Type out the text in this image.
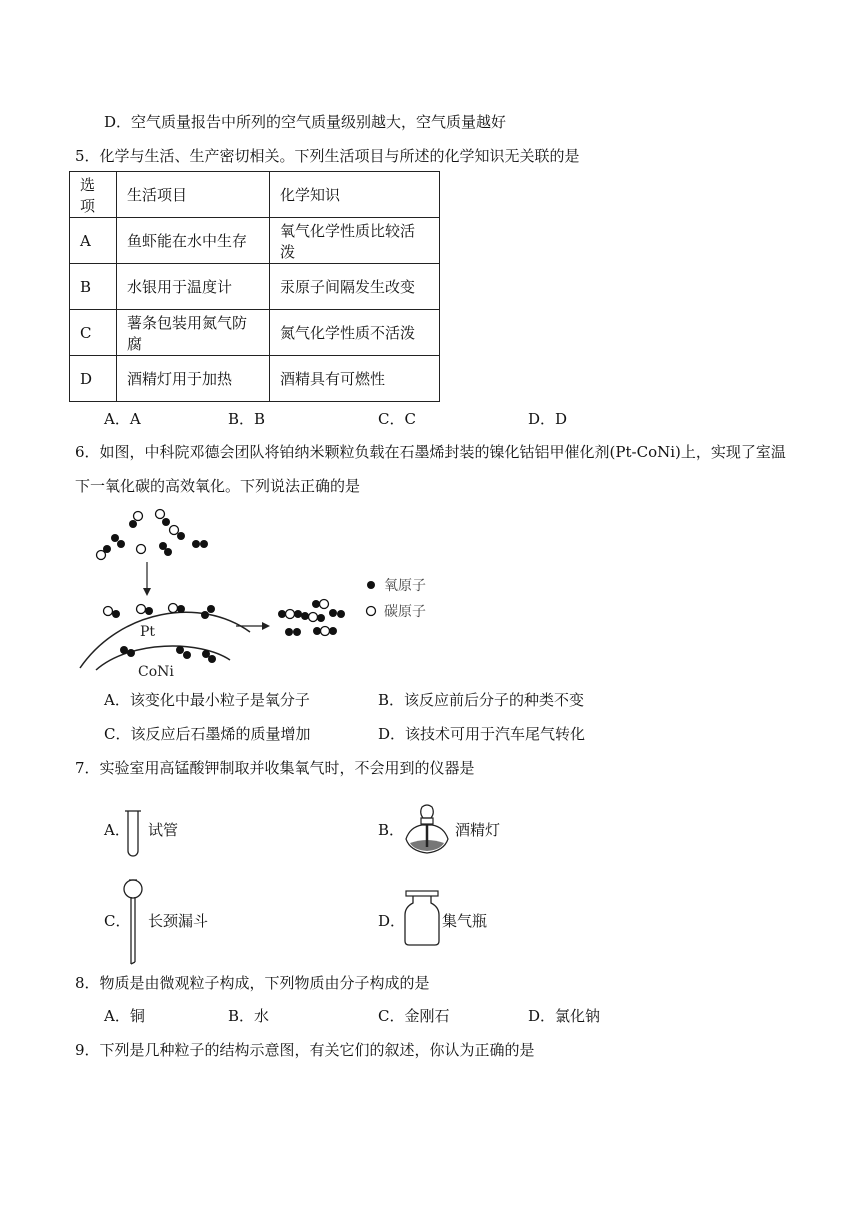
D．空气质量报告中所列的空气质量级别越大，空气质量越好
5．化学与生活、生产密切相关。下列生活项目与所述的化学知识无关联的是
选项	生活项目	化学知识
A	鱼虾能在水中生存	氧气化学性质比较活泼
B	水银用于温度计	汞原子间隔发生改变
C	薯条包装用氮气防腐	氮气化学性质不活泼
D	酒精灯用于加热	酒精具有可燃性
A．A	B．B	C．C	D．D
6．如图，中科院邓德会团队将铂纳米颗粒负载在石墨烯封装的镍化钴铝甲催化剂(Pt-CoNi)上，实现了室温
下一氧化碳的高效氧化。下列说法正确的是
Pt
CoNi
氧原子
碳原子
A．该变化中最小粒子是氧分子	B．该反应前后分子的种类不变
C．该反应后石墨烯的质量增加	D．该技术可用于汽车尾气转化
7．实验室用高锰酸钾制取并收集氧气时，不会用到的仪器是
A． 试管	B．	酒精灯
C． 长颈漏斗	D． 集气瓶
8．物质是由微观粒子构成，下列物质由分子构成的是
A．铜	B．水	C．金刚石	D．氯化钠
9．下列是几种粒子的结构示意图，有关它们的叙述，你认为正确的是
